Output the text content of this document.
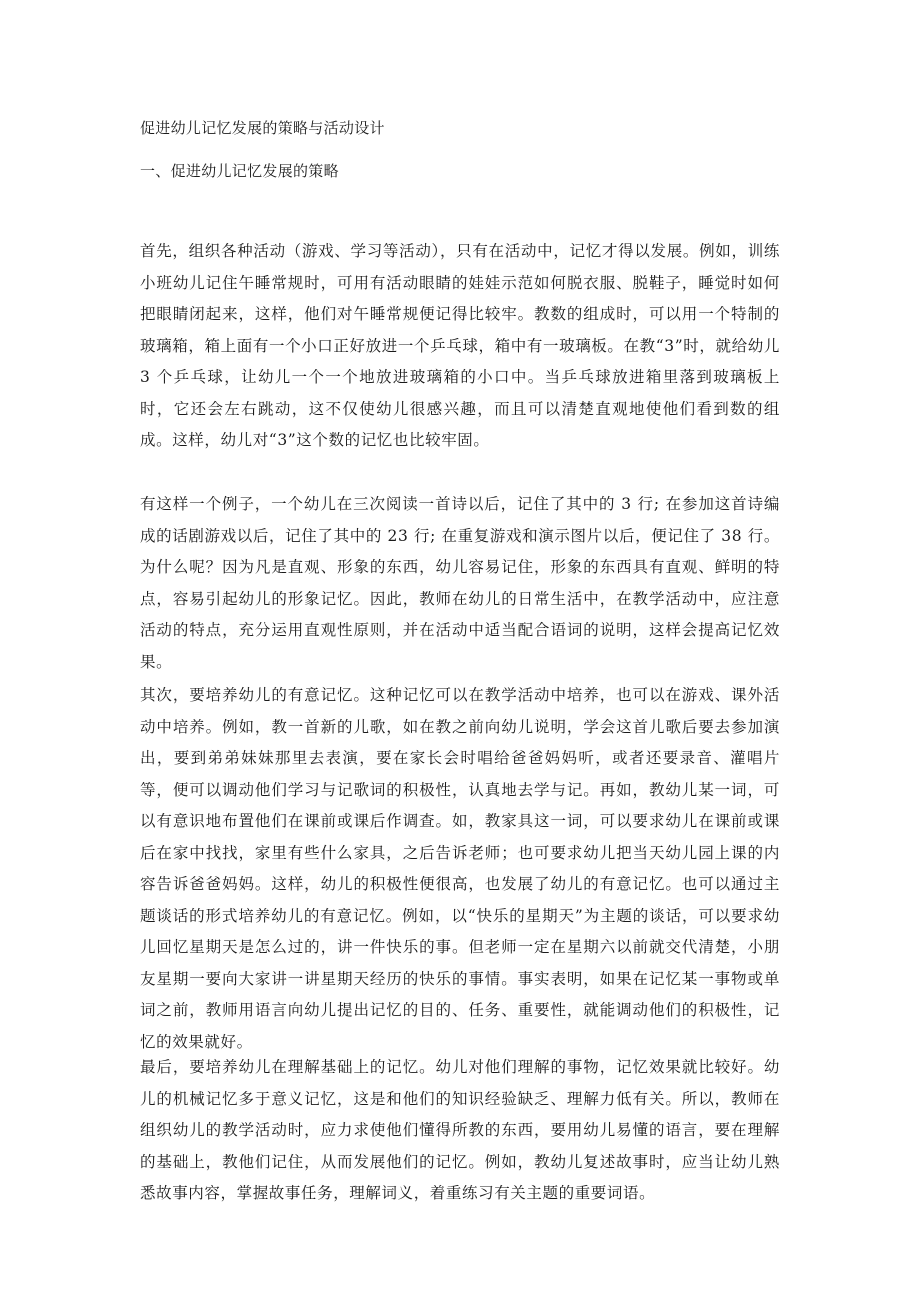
促进幼儿记忆发展的策略与活动设计
一、促进幼儿记忆发展的策略

首先，组织各种活动（游戏、学习等活动），只有在活动中，记忆才得以发展。例如，训练小班幼儿记住午睡常规时，可用有活动眼睛的娃娃示范如何脱衣服、脱鞋子，睡觉时如何把眼睛闭起来，这样，他们对午睡常规便记得比较牢。教数的组成时，可以用一个特制的玻璃箱，箱上面有一个小口正好放进一个乒乓球，箱中有一玻璃板。在教“3”时，就给幼儿 3 个乒乓球，让幼儿一个一个地放进玻璃箱的小口中。当乒乓球放进箱里落到玻璃板上时，它还会左右跳动，这不仅使幼儿很感兴趣，而且可以清楚直观地使他们看到数的组成。这样，幼儿对“3”这个数的记忆也比较牢固。

有这样一个例子，一个幼儿在三次阅读一首诗以后，记住了其中的 3 行; 在参加这首诗编成的话剧游戏以后，记住了其中的 23 行; 在重复游戏和演示图片以后，便记住了 38 行。为什么呢？因为凡是直观、形象的东西，幼儿容易记住，形象的东西具有直观、鲜明的特点，容易引起幼儿的形象记忆。因此，教师在幼儿的日常生活中，在教学活动中，应注意活动的特点，充分运用直观性原则，并在活动中适当配合语词的说明，这样会提高记忆效果。

其次，要培养幼儿的有意记忆。这种记忆可以在教学活动中培养，也可以在游戏、课外活动中培养。例如，教一首新的儿歌，如在教之前向幼儿说明，学会这首儿歌后要去参加演出，要到弟弟妹妹那里去表演，要在家长会时唱给爸爸妈妈听，或者还要录音、灌唱片等，便可以调动他们学习与记歌词的积极性，认真地去学与记。再如，教幼儿某一词，可以有意识地布置他们在课前或课后作调查。如，教家具这一词，可以要求幼儿在课前或课后在家中找找，家里有些什么家具，之后告诉老师；也可要求幼儿把当天幼儿园上课的内容告诉爸爸妈妈。这样，幼儿的积极性便很高，也发展了幼儿的有意记忆。也可以通过主题谈话的形式培养幼儿的有意记忆。例如，以“快乐的星期天”为主题的谈话，可以要求幼儿回忆星期天是怎么过的，讲一件快乐的事。但老师一定在星期六以前就交代清楚，小朋友星期一要向大家讲一讲星期天经历的快乐的事情。事实表明，如果在记忆某一事物或单词之前，教师用语言向幼儿提出记忆的目的、任务、重要性，就能调动他们的积极性，记忆的效果就好。

最后，要培养幼儿在理解基础上的记忆。幼儿对他们理解的事物，记忆效果就比较好。幼儿的机械记忆多于意义记忆，这是和他们的知识经验缺乏、理解力低有关。所以，教师在组织幼儿的教学活动时，应力求使他们懂得所教的东西，要用幼儿易懂的语言，要在理解的基础上，教他们记住，从而发展他们的记忆。例如，教幼儿复述故事时，应当让幼儿熟悉故事内容，掌握故事任务，理解词义，着重练习有关主题的重要词语。
